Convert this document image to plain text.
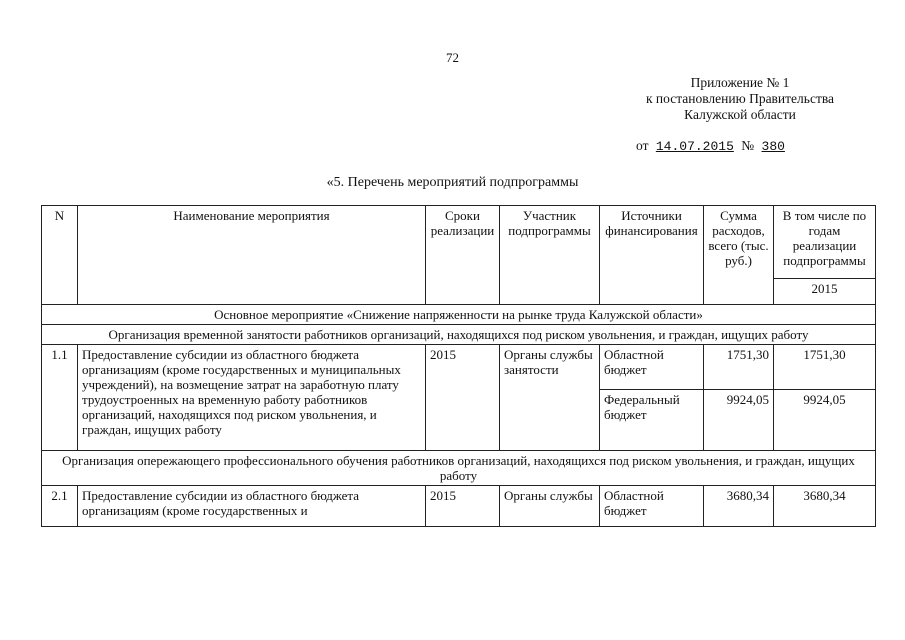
72
Приложение № 1
к постановлению Правительства
Калужской области
от 14.07.2015 № 380
«5. Перечень мероприятий подпрограммы
N	Наименование мероприятия	Сроки реализации	Участник подпрограммы	Источники финансирования	Сумма расходов, всего (тыс. руб.)	В том числе по годам реализации подпрограммы
						2015
Основное мероприятие «Снижение напряженности на рынке труда Калужской области»						
Организация временной занятости работников организаций, находящихся под риском увольнения, и граждан, ищущих работу						
1.1	Предоставление субсидии из областного бюджета организациям (кроме государственных и муниципальных учреждений), на возмещение затрат на заработную плату трудоустроенных на временную работу работников организаций, находящихся под риском увольнения, и граждан, ищущих работу	2015	Органы службы занятости	Областной бюджет	1751,30	1751,30
				Федеральный бюджет	9924,05	9924,05
Организация опережающего профессионального обучения работников организаций, находящихся под риском увольнения, и граждан, ищущих работу						
2.1	Предоставление субсидии из областного бюджета организациям (кроме государственных и	2015	Органы службы	Областной бюджет	3680,34	3680,34
